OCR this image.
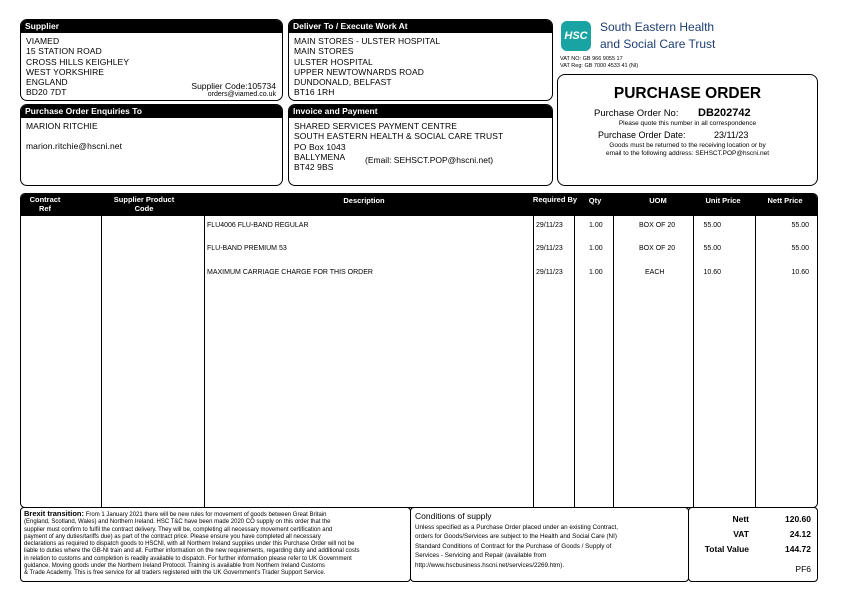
Supplier
VIAMED
15 STATION ROAD
CROSS HILLS KEIGHLEY
WEST YORKSHIRE
ENGLAND
BD20 7DT
Supplier Code:105734
orders@viamed.co.uk
Deliver To / Execute Work At
MAIN STORES - ULSTER HOSPITAL
MAIN STORES
ULSTER HOSPITAL
UPPER NEWTOWNARDS ROAD
DUNDONALD, BELFAST
BT16 1RH
Purchase Order Enquiries To
MARION RITCHIE
marion.ritchie@hscni.net
Invoice and Payment
SHARED SERVICES PAYMENT CENTRE
SOUTH EASTERN HEALTH & SOCIAL CARE TRUST
PO Box 1043
BALLYMENA
BT42 9BS
(Email: SEHSCT.POP@hscni.net)
HSC
South Eastern Health
and Social Care Trust
VAT NO: GB 966 9055 17
VAT Reg: GB 7000 4533 41 (NI)
PURCHASE ORDER
Purchase Order No: DB202742
Please quote this number in all correspondence
Purchase Order Date:	23/11/23
Goods must be returned to the receiving location or by
email to the following address: SEHSCT.POP@hscni.net
Contract Ref
Supplier Product Code
Description	Required By	Qty	UOM	Unit Price	Nett Price
FLU4006 FLU-BAND REGULAR	29/11/23	1.00	BOX OF 20	55.00	55.00
FLU-BAND PREMIUM 53	29/11/23	1.00	BOX OF 20	55.00	55.00
MAXIMUM CARRIAGE CHARGE FOR THIS ORDER	29/11/23	1.00	EACH	10.60	10.60
Brexit transition: From 1 January 2021 there will be new rules for movement of goods between Great Britain
(England, Scotland, Wales) and Northern Ireland. HSC T&C have been made 2020 CO supply on this order that the
supplier must confirm to fulfil the contract delivery. They will be, completing all necessary movement certification and
payment of any duties/tariffs due) as part of the contract price. Please ensure you have completed all necessary
declarations as required to dispatch goods to HSCNI, with all Northern Ireland supplies under this Purchase Order will not be
liable to duties where the GB-NI train and all. Further information on the new requirements, regarding duty and additional costs
in relation to customs and completion is readily available to dispatch. For further information please refer to UK Government
guidance. Moving goods under the Northern Ireland Protocol. Training is available from Northern Ireland Customs
& Trade Academy. This is free service for all traders registered with the UK Government's Trader Support Service.
Conditions of supply
Unless specified as a Purchase Order placed under an existing Contract,
orders for Goods/Services are subject to the Health and Social Care (NI)
Standard Conditions of Contract for the Purchase of Goods / Supply of
Services - Servicing and Repair (available from
http://www.hscbusiness.hscni.net/services/2269.htm).
Nett	120.60
VAT	24.12
Total Value	144.72
PF6
